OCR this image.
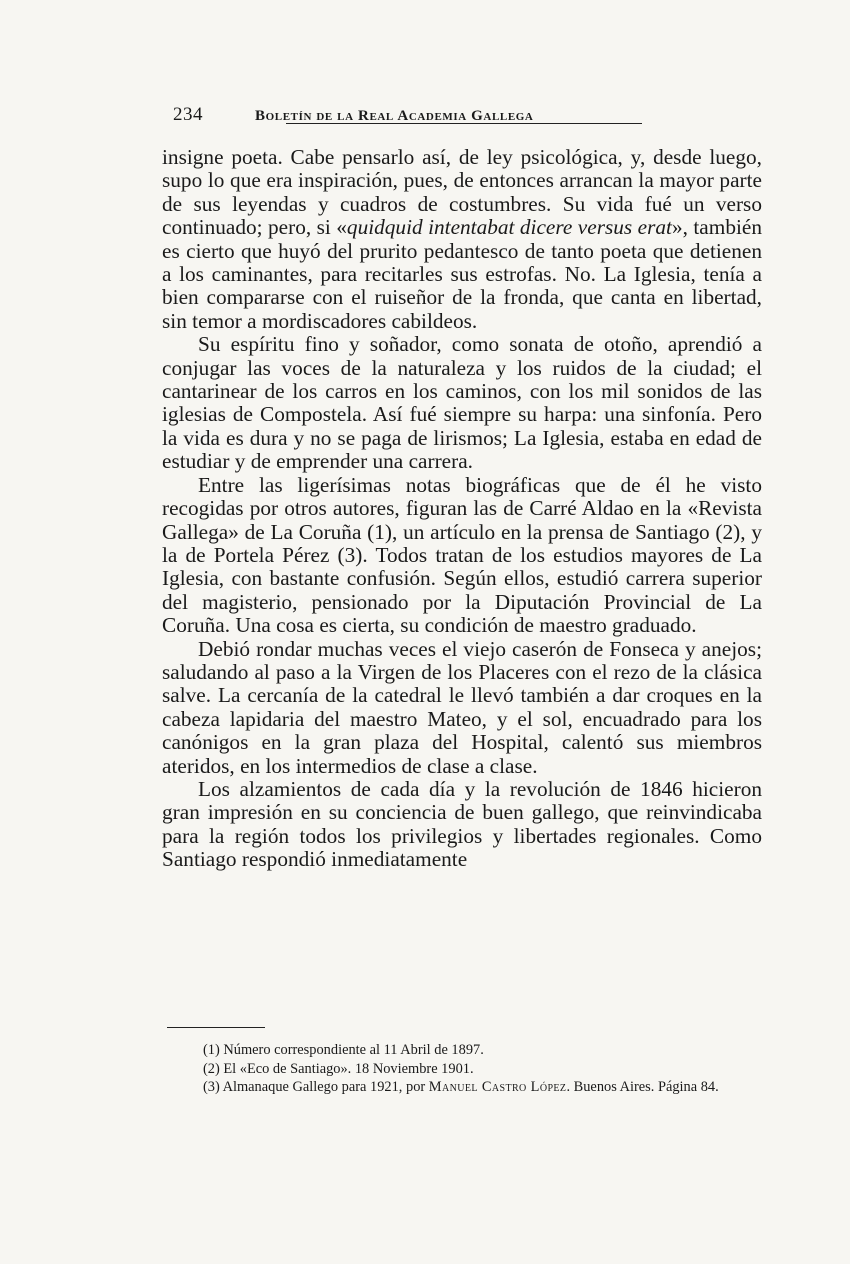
234	Boletín de la Real Academia Gallega

insigne poeta. Cabe pensarlo así, de ley psicológica, y, desde luego, supo lo que era inspiración, pues, de entonces arrancan la mayor parte de sus leyendas y cuadros de costumbres. Su vida fué un verso continuado; pero, si «quidquid intentabat dicere versus erat», también es cierto que huyó del prurito pedantesco de tanto poeta que detienen a los caminantes, para recitarles sus estrofas. No. La Iglesia, tenía a bien compararse con el ruiseñor de la fronda, que canta en libertad, sin temor a mordiscadores cabildeos.

Su espíritu fino y soñador, como sonata de otoño, aprendió a conjugar las voces de la naturaleza y los ruidos de la ciudad; el cantarinear de los carros en los caminos, con los mil sonidos de las iglesias de Compostela. Así fué siempre su harpa: una sinfonía. Pero la vida es dura y no se paga de lirismos; La Iglesia, estaba en edad de estudiar y de emprender una carrera.

Entre las ligerísimas notas biográficas que de él he visto recogidas por otros autores, figuran las de Carré Aldao en la «Revista Gallega» de La Coruña (1), un artículo en la prensa de Santiago (2), y la de Portela Pérez (3). Todos tratan de los estudios mayores de La Iglesia, con bastante confusión. Según ellos, estudió carrera superior del magisterio, pensionado por la Diputación Provincial de La Coruña. Una cosa es cierta, su condición de maestro graduado.

Debió rondar muchas veces el viejo caserón de Fonseca y anejos; saludando al paso a la Virgen de los Placeres con el rezo de la clásica salve. La cercanía de la catedral le llevó también a dar croques en la cabeza lapidaria del maestro Mateo, y el sol, encuadrado para los canónigos en la gran plaza del Hospital, calentó sus miembros ateridos, en los intermedios de clase a clase.

Los alzamientos de cada día y la revolución de 1846 hicieron gran impresión en su conciencia de buen gallego, que reinvindicaba para la región todos los privilegios y libertades regionales. Como Santiago respondió inmediatamente

(1) Número correspondiente al 11 Abril de 1897.

(2) El «Eco de Santiago». 18 Noviembre 1901.

(3) Almanaque Gallego para 1921, por Manuel Castro López. Buenos Aires. Página 84.
